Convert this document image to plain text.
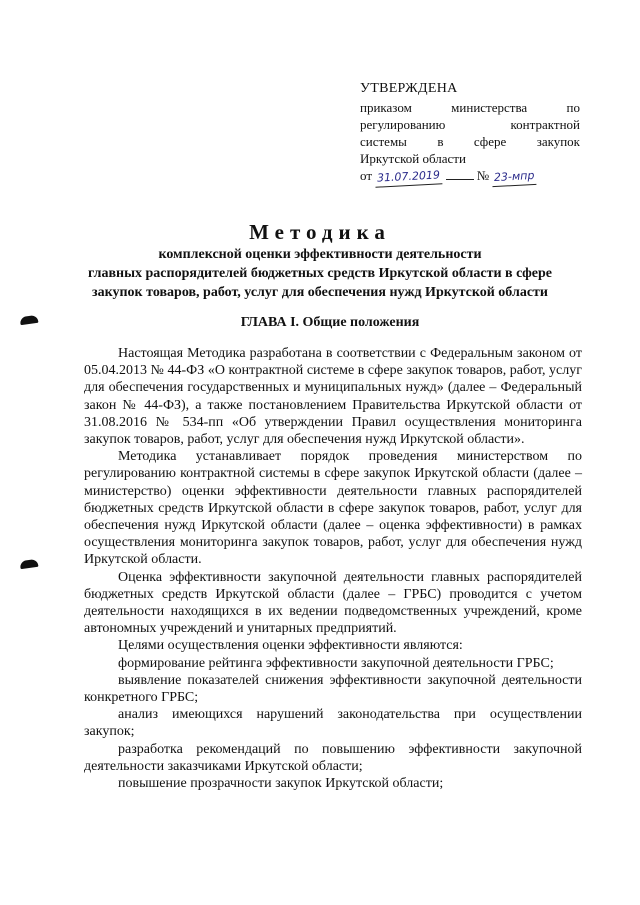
УТВЕРЖДЕНА
приказом министерства по
регулированию контрактной
системы в сфере закупок
Иркутской области
от 31.07.2019	№ 23-мпр
Методика
комплексной оценки эффективности деятельности
главных распорядителей бюджетных средств Иркутской области в сфере
закупок товаров, работ, услуг для обеспечения нужд Иркутской области
ГЛАВА I. Общие положения

Настоящая Методика разработана в соответствии с Федеральным законом от 05.04.2013 № 44-ФЗ «О контрактной системе в сфере закупок товаров, работ, услуг для обеспечения государственных и муниципальных нужд» (далее – Федеральный закон № 44-ФЗ), а также постановлением Правительства Иркутской области от 31.08.2016 № 534-пп «Об утверждении Правил осуществления мониторинга закупок товаров, работ, услуг для обеспечения нужд Иркутской области».

Методика устанавливает порядок проведения министерством по регулированию контрактной системы в сфере закупок Иркутской области (далее – министерство) оценки эффективности деятельности главных распорядителей бюджетных средств Иркутской области в сфере закупок товаров, работ, услуг для обеспечения нужд Иркутской области (далее – оценка эффективности) в рамках осуществления мониторинга закупок товаров, работ, услуг для обеспечения нужд Иркутской области.

Оценка эффективности закупочной деятельности главных распорядителей бюджетных средств Иркутской области (далее – ГРБС) проводится с учетом деятельности находящихся в их ведении подведомственных учреждений, кроме автономных учреждений и унитарных предприятий.

Целями осуществления оценки эффективности являются:

формирование рейтинга эффективности закупочной деятельности ГРБС;

выявление показателей снижения эффективности закупочной деятельности конкретного ГРБС;

анализ имеющихся нарушений законодательства при осуществлении закупок;

разработка рекомендаций по повышению эффективности закупочной деятельности заказчиками Иркутской области;

повышение прозрачности закупок Иркутской области;
